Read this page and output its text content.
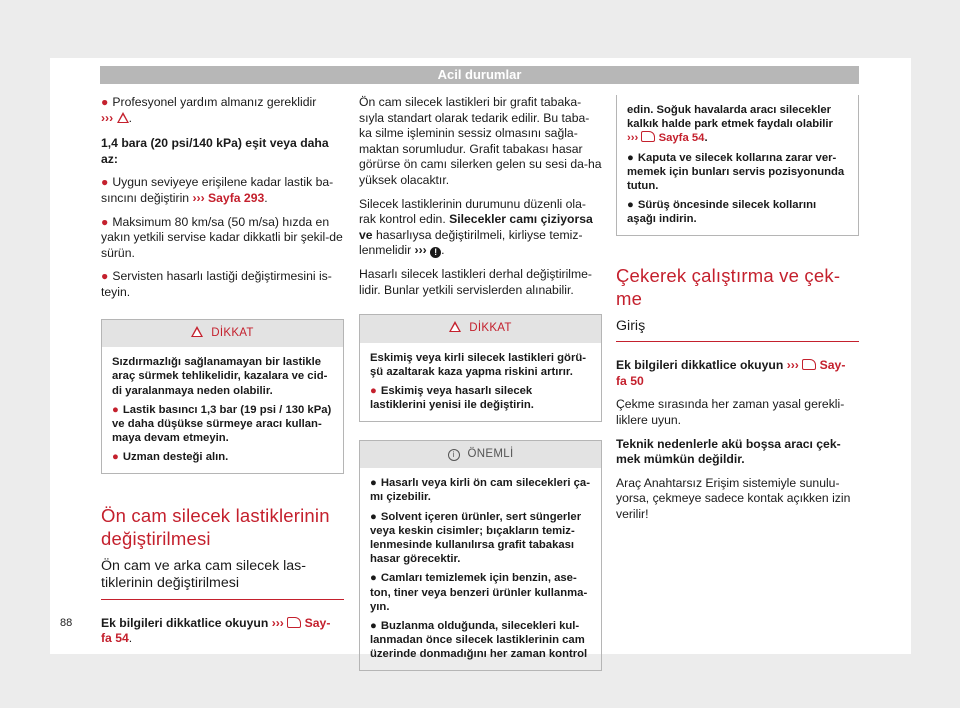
Acil durumlar

● Profesyonel yardım almanız gereklidir
››› .

1,4 bara (20 psi/140 kPa) eşit veya daha az:

● Uygun seviyeye erişilene kadar lastik ba-sıncını değiştirin ››› Sayfa 293.

● Maksimum 80 km/sa (50 m/sa) hızda en yakın yetkili servise kadar dikkatli bir şekil-de sürün.

● Servisten hasarlı lastiği değiştirmesini is-teyin.

DİKKAT

Sızdırmazlığı sağlanamayan bir lastikle araç sürmek tehlikelidir, kazalara ve cid-di yaralanmaya neden olabilir.

● Lastik basıncı 1,3 bar (19 psi / 130 kPa) ve daha düşükse sürmeye aracı kullan-maya devam etmeyin.

● Uzman desteği alın.

Ön cam silecek lastiklerinin değiştirilmesi
Ön cam ve arka cam silecek las-tiklerinin değiştirilmesi

Ek bilgileri dikkatlice okuyun ›››  Say-
fa 54.

Ön cam silecek lastikleri bir grafit tabaka-sıyla standart olarak tedarik edilir. Bu taba-ka silme işleminin sessiz olmasını sağla-maktan sorumludur. Grafit tabakası hasar görürse ön camı silerken gelen su sesi da-ha yüksek olacaktır.

Silecek lastiklerinin durumunu düzenli ola-rak kontrol edin. Silecekler camı çiziyorsa ve hasarlıysa değiştirilmeli, kirliyse temiz-lenmelidir ››› ! .

Hasarlı silecek lastikleri derhal değiştirilme-lidir. Bunlar yetkili servislerden alınabilir.

DİKKAT

Eskimiş veya kirli silecek lastikleri görü-şü azaltarak kaza yapma riskini artırır.

● Eskimiş veya hasarlı silecek lastiklerini yenisi ile değiştirin.

i ÖNEMLİ

● Hasarlı veya kirli ön cam silecekleri ça-mı çizebilir.

● Solvent içeren ürünler, sert süngerler veya keskin cisimler; bıçakların temiz-lenmesinde kullanılırsa grafit tabakası hasar görecektir.

● Camları temizlemek için benzin, ase-ton, tiner veya benzeri ürünler kullanma-yın.

● Buzlanma olduğunda, silecekleri kul-lanmadan önce silecek lastiklerinin cam üzerinde donmadığını her zaman kontrol

edin. Soğuk havalarda aracı silecekler kalkık halde park etmek faydalı olabilir
›››  Sayfa 54.

● Kaputa ve silecek kollarına zarar ver-memek için bunları servis pozisyonunda tutun.

● Sürüş öncesinde silecek kollarını aşağı indirin.

Çekerek çalıştırma ve çek-me
Giriş

Ek bilgileri dikkatlice okuyun ›››  Say-
fa 50

Çekme sırasında her zaman yasal gerekli-liklere uyun.

Teknik nedenlerle akü boşsa aracı çek-mek mümkün değildir.

Araç Anahtarsız Erişim sistemiyle sunulu-yorsa, çekmeye sadece kontak açıkken izin verilir!

88
